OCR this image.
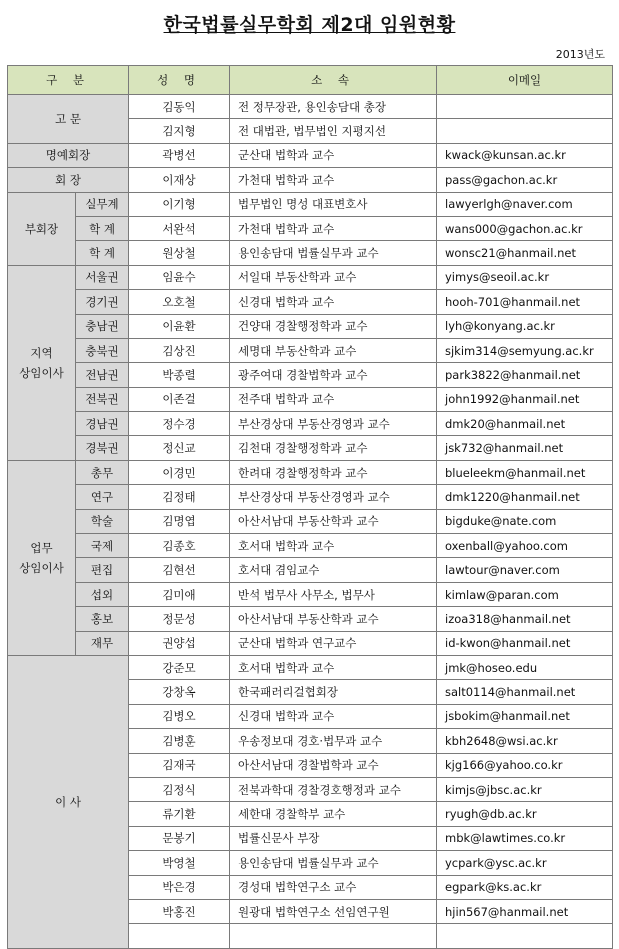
한국법률실무학회 제2대 임원현황
2013년도
구 분		성 명	소 속	이메일
고 문		김동익	전 정무장관, 용인송담대 총장	
		김지형	전 대법관, 법무법인 지평지선	
명예회장		곽병선	군산대 법학과 교수	kwack@kunsan.ac.kr
회 장		이재상	가천대 법학과 교수	pass@gachon.ac.kr
부회장	실무계	이기형	법무법인 명성 대표변호사	lawyerlgh@naver.com
	학 계	서완석	가천대 법학과 교수	wans000@gachon.ac.kr
	학 계	원상철	용인송담대 법률실무과 교수	wonsc21@hanmail.net
지역
상임이사	서울권	임윤수	서일대 부동산학과 교수	yimys@seoil.ac.kr
	경기권	오호철	신경대 법학과 교수	hooh-701@hanmail.net
	충남권	이윤환	건양대 경찰행정학과 교수	lyh@konyang.ac.kr
	충북권	김상진	세명대 부동산학과 교수	sjkim314@semyung.ac.kr
	전남권	박종렬	광주여대 경찰법학과 교수	park3822@hanmail.net
	전북권	이존걸	전주대 법학과 교수	john1992@hanmail.net
	경남권	정수경	부산경상대 부동산경영과 교수	dmk20@hanmail.net
	경북권	정신교	김천대 경찰행정학과 교수	jsk732@hanmail.net
업무
상임이사	총무	이경민	한려대 경찰행정학과 교수	blueleekm@hanmail.net
	연구	김정태	부산경상대 부동산경영과 교수	dmk1220@hanmail.net
	학술	김명엽	아산서남대 부동산학과 교수	bigduke@nate.com
	국제	김종호	호서대 법학과 교수	oxenball@yahoo.com
	편집	김현선	호서대 겸임교수	lawtour@naver.com
	섭외	김미애	반석 법무사 사무소, 법무사	kimlaw@paran.com
	홍보	정문성	아산서남대 부동산학과 교수	izoa318@hanmail.net
	재무	권양섭	군산대 법학과 연구교수	id-kwon@hanmail.net
이 사		강준모	호서대 법학과 교수	jmk@hoseo.edu
		강창옥	한국패러리걸협회장	salt0114@hanmail.net
		김병오	신경대 법학과 교수	jsbokim@hanmail.net
		김병훈	우송정보대 경호·법무과 교수	kbh2648@wsi.ac.kr
		김재국	아산서남대 경찰법학과 교수	kjg166@yahoo.co.kr
		김정식	전북과학대 경찰경호행정과 교수	kimjs@jbsc.ac.kr
		류기환	세한대 경찰학부 교수	ryugh@db.ac.kr
		문봉기	법률신문사 부장	mbk@lawtimes.co.kr
		박영철	용인송담대 법률실무과 교수	ycpark@ysc.ac.kr
		박은경	경성대 법학연구소 교수	egpark@ks.ac.kr
		박홍진	원광대 법학연구소 선임연구원	hjin567@hanmail.net
